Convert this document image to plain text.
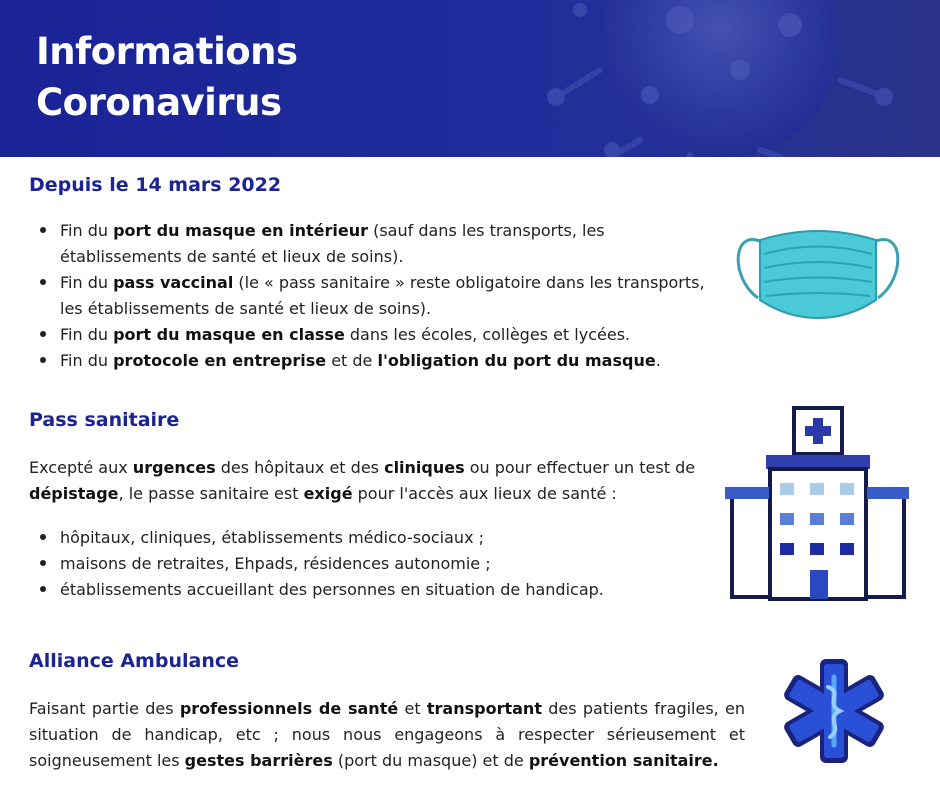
Informations
Coronavirus
Depuis le 14 mars 2022
Fin du port du masque en intérieur (sauf dans les transports, les établissements de santé et lieux de soins).
Fin du pass vaccinal (le « pass sanitaire » reste obligatoire dans les transports, les établissements de santé et lieux de soins).
Fin du port du masque en classe dans les écoles, collèges et lycées.
Fin du protocole en entreprise et de l'obligation du port du masque.
Pass sanitaire

Excepté aux urgences des hôpitaux et des cliniques ou pour effectuer un test de dépistage, le passe sanitaire est exigé pour l'accès aux lieux de santé :

hôpitaux, cliniques, établissements médico-sociaux ;
maisons de retraites, Ehpads, résidences autonomie ;
établissements accueillant des personnes en situation de handicap.
Alliance Ambulance

Faisant partie des professionnels de santé et transportant des patients fragiles, en situation de handicap, etc ; nous nous engageons à respecter sérieusement et soigneusement les gestes barrières (port du masque) et de prévention sanitaire.
